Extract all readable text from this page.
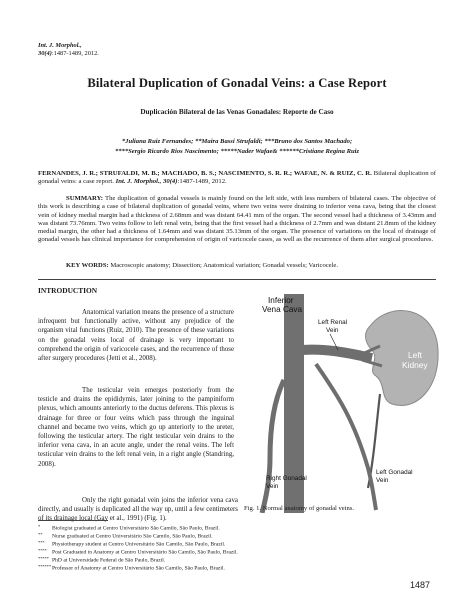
Int. J. Morphol.,
30(4):1487-1489, 2012.
Bilateral Duplication of Gonadal Veins: a Case Report
Duplicación Bilateral de las Venas Gonadales: Reporte de Caso
*Juliana Ruiz Fernandes; **Maira Bassi Strufaldi; ***Bruno dos Santos Machado;
****Sergio Ricardo Rios Nascimento; *****Nader Wafae& ******Cristiane Regina Ruiz
FERNANDES, J. R.; STRUFALDI, M. B.; MACHADO, B. S.; NASCIMENTO, S. R. R.; WAFAE, N. & RUIZ, C. R. Bilateral duplication of gonadal veins: a case report. Int. J. Morphol., 30(4):1487-1489, 2012.
SUMMARY: The duplication of gonadal vessels is mainly found on the left side, with less numbers of bilateral cases. The objective of this work is describing a case of bilateral duplication of gonadal veins, where two veins were draining to inferior vena cava, being that the closest vein of kidney medial margin had a thickness of 2.68mm and was distant 64.41 mm of the organ. The second vessel had a thickness of 3.43mm and was distant 73.76mm. Two veins follow to left renal vein, being that the first vessel had a thickness of 2.7mm and was distant 21.8mm of the kidney medial margin, the other had a thickness of 1.64mm and was distant 35.13mm of the organ. The presence of variations on the local of drainage of gonadal vessels has clinical importance for comprehension of origin of varicocele cases, as well as the recurrence of them after surgical procedures.
KEY WORDS: Macroscopic anatomy; Dissection; Anatomical variation; Gonadal vessels; Varicocele.
INTRODUCTION
Anatomical variation means the presence of a structure infrequent but functionally active, without any prejudice of the organism vital functions (Ruiz, 2010). The presence of these variations on the gonadal veins local of drainage is very important to comprehend the origin of varicocele cases, and the recurrence of those after surgery procedures (Jetti et al., 2008).
The testicular vein emerges posteriorly from the testicle and drains the epididymis, later joining to the pampiniform plexus, which amounts anteriorly to the ductus deferens. This plexus is drainage for three or four veins which pass through the inguinal channel and became two veins, which go up anteriorly to the ureter, following the testicular artery. The right testicular vein drains to the inferior vena cava, in an acute angle, under the renal veins. The left testicular vein drains to the left renal vein, in a right angle (Standring, 2008).
Only the right gonadal vein joins the inferior vena cava directly, and usually is duplicated all the way up, until a few centimeters of its drainage local (Gay et al., 1991) (Fig. 1).
Inferior
Vena Cava
Left Renal
Vein
Left
Kidney
Left Gonadal
Vein
Right Gonadal
Vein
Fig. 1. Normal anatomy of gonadal veins.
* Biologist graduated at Centro Universitário São Camilo, São Paulo, Brazil.
** Nurse graduated at Centro Universitário São Camilo, São Paulo, Brazil.
*** Physiotherapy student at Centro Universitário São Camilo, São Paulo, Brazil.
**** Post Graduated in Anatomy at Centro Universitário São Camilo, São Paulo, Brazil.
***** PhD at Universidade Federal de São Paulo, Brazil.
******Professor of Anatomy at Centro Universitário São Camilo, São Paulo, Brazil.
1487
